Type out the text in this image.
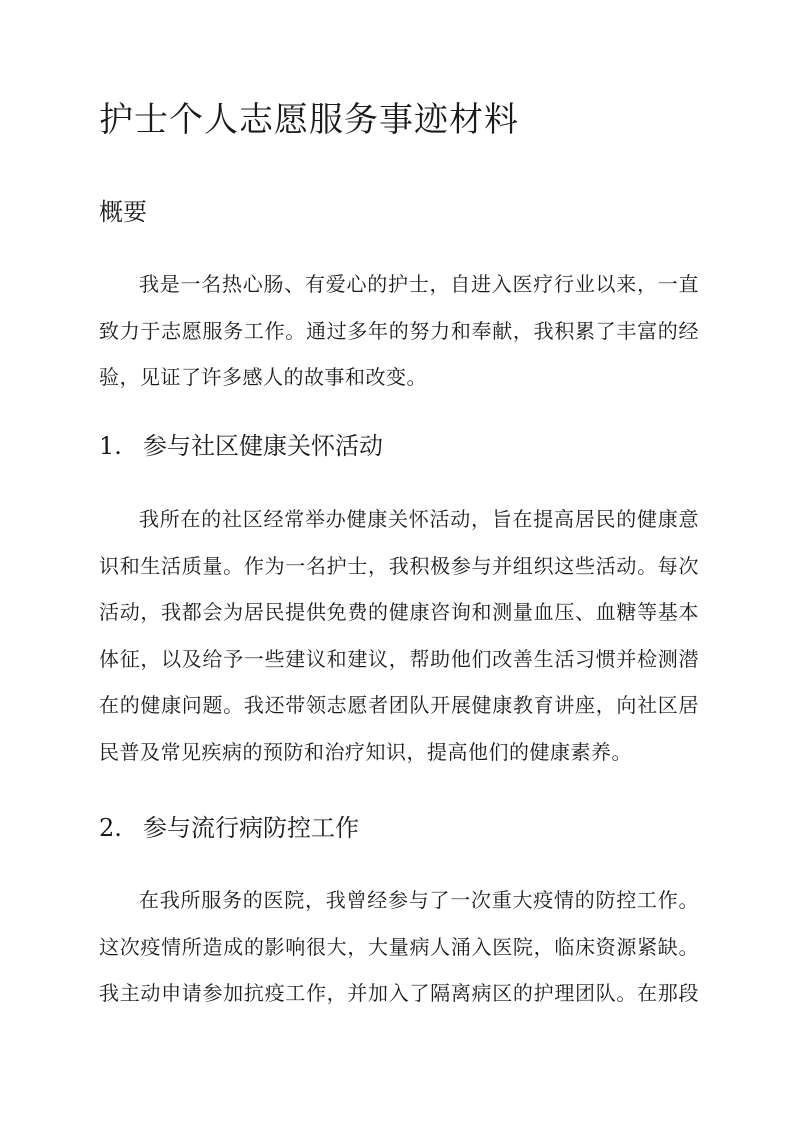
护士个人志愿服务事迹材料
概要
我是一名热心肠、有爱心的护士，自进入医疗行业以来，一直
致力于志愿服务工作。通过多年的努力和奉献，我积累了丰富的经
验，见证了许多感人的故事和改变。
1. 参与社区健康关怀活动
我所在的社区经常举办健康关怀活动，旨在提高居民的健康意
识和生活质量。作为一名护士，我积极参与并组织这些活动。每次
活动，我都会为居民提供免费的健康咨询和测量血压、血糖等基本
体征，以及给予一些建议和建议，帮助他们改善生活习惯并检测潜
在的健康问题。我还带领志愿者团队开展健康教育讲座，向社区居
民普及常见疾病的预防和治疗知识，提高他们的健康素养。
2. 参与流行病防控工作
在我所服务的医院，我曾经参与了一次重大疫情的防控工作。
这次疫情所造成的影响很大，大量病人涌入医院，临床资源紧缺。
我主动申请参加抗疫工作，并加入了隔离病区的护理团队。在那段
